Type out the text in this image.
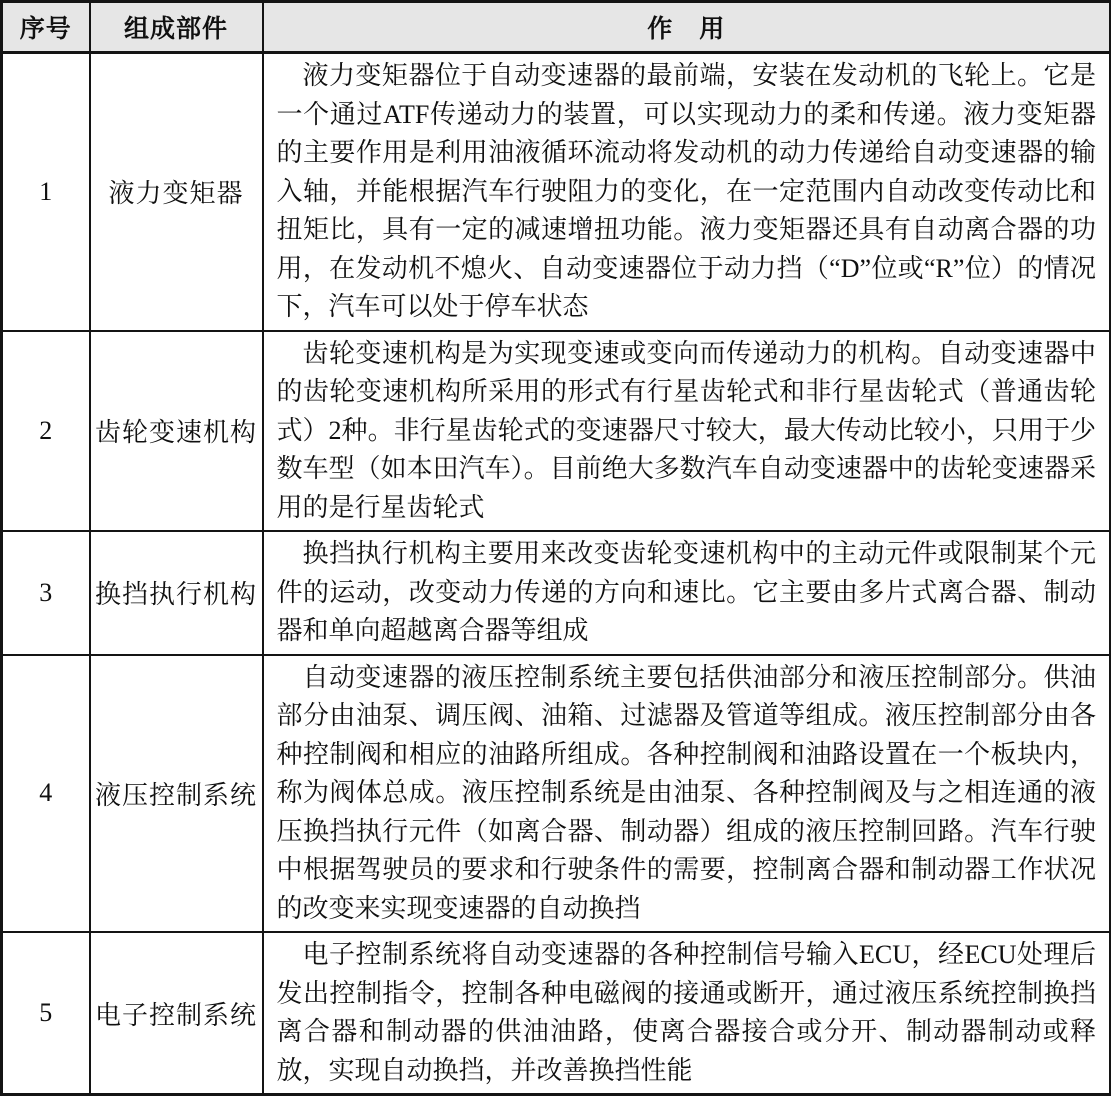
序号	组成部件	作　用
1	液力变矩器	液力变矩器位于自动变速器的最前端，安装在发动机的飞轮上。它是一个通过ATF传递动力的装置，可以实现动力的柔和传递。液力变矩器的主要作用是利用油液循环流动将发动机的动力传递给自动变速器的输入轴，并能根据汽车行驶阻力的变化，在一定范围内自动改变传动比和扭矩比，具有一定的减速增扭功能。液力变矩器还具有自动离合器的功用，在发动机不熄火、自动变速器位于动力挡（“D”位或“R”位）的情况下，汽车可以处于停车状态

2	齿轮变速机构	齿轮变速机构是为实现变速或变向而传递动力的机构。自动变速器中的齿轮变速机构所采用的形式有行星齿轮式和非行星齿轮式（普通齿轮式）2种。非行星齿轮式的变速器尺寸较大，最大传动比较小，只用于少数车型（如本田汽车）。目前绝大多数汽车自动变速器中的齿轮变速器采用的是行星齿轮式

3	换挡执行机构	换挡执行机构主要用来改变齿轮变速机构中的主动元件或限制某个元件的运动，改变动力传递的方向和速比。它主要由多片式离合器、制动器和单向超越离合器等组成

4	液压控制系统	自动变速器的液压控制系统主要包括供油部分和液压控制部分。供油部分由油泵、调压阀、油箱、过滤器及管道等组成。液压控制部分由各种控制阀和相应的油路所组成。各种控制阀和油路设置在一个板块内，称为阀体总成。液压控制系统是由油泵、各种控制阀及与之相连通的液压换挡执行元件（如离合器、制动器）组成的液压控制回路。汽车行驶中根据驾驶员的要求和行驶条件的需要，控制离合器和制动器工作状况的改变来实现变速器的自动换挡

5	电子控制系统	电子控制系统将自动变速器的各种控制信号输入ECU，经ECU处理后发出控制指令，控制各种电磁阀的接通或断开，通过液压系统控制换挡离合器和制动器的供油油路，使离合器接合或分开、制动器制动或释放，实现自动换挡，并改善换挡性能
